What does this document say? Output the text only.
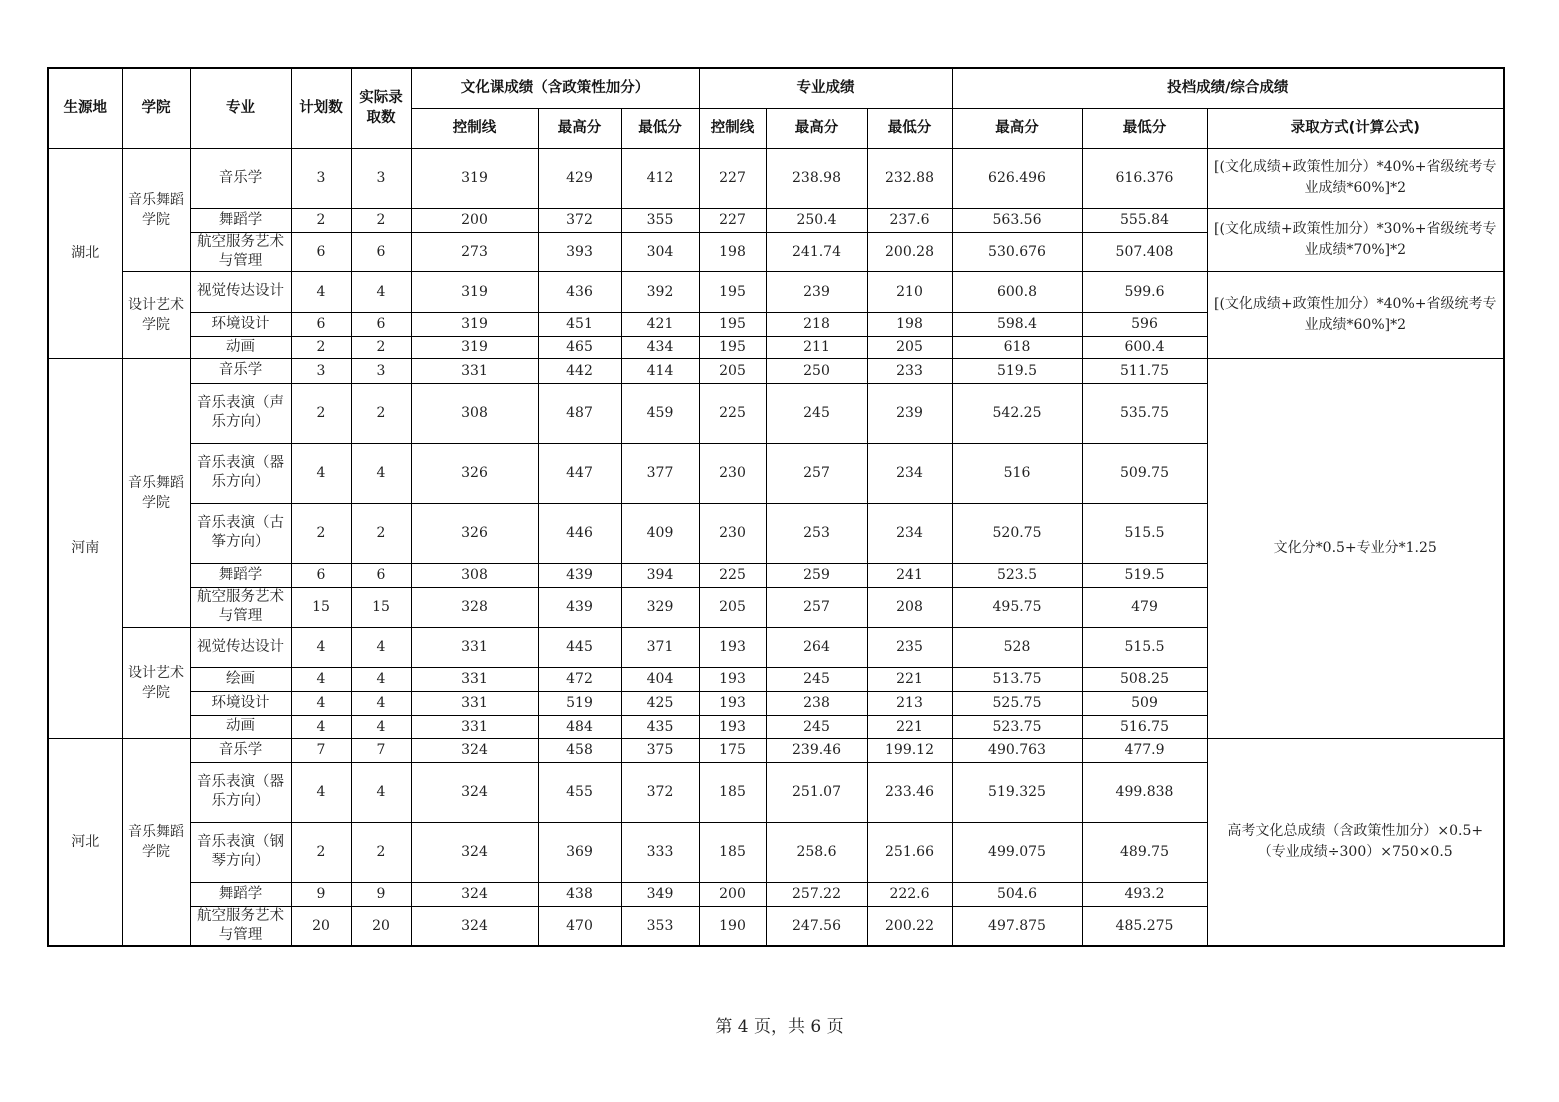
生源地	学院	专业	计划数	实际录取数	文化课成绩（含政策性加分）			专业成绩			投档成绩/综合成绩		
					控制线	最高分	最低分	控制线	最高分	最低分	最高分	最低分	录取方式(计算公式)
湖北	音乐舞蹈学院	音乐学	3	3	319	429	412	227	238.98	232.88	626.496	616.376	[(文化成绩+政策性加分）*40%+省级统考专业成绩*60%]*2
		舞蹈学	2	2	200	372	355	227	250.4	237.6	563.56	555.84	[(文化成绩+政策性加分）*30%+省级统考专业成绩*70%]*2
		航空服务艺术与管理	6	6	273	393	304	198	241.74	200.28	530.676	507.408	
	设计艺术学院	视觉传达设计	4	4	319	436	392	195	239	210	600.8	599.6	[(文化成绩+政策性加分）*40%+省级统考专业成绩*60%]*2
		环境设计	6	6	319	451	421	195	218	198	598.4	596	
		动画	2	2	319	465	434	195	211	205	618	600.4	
河南	音乐舞蹈学院	音乐学	3	3	331	442	414	205	250	233	519.5	511.75	文化分*0.5+专业分*1.25
		音乐表演（声乐方向）	2	2	308	487	459	225	245	239	542.25	535.75	
		音乐表演（器乐方向）	4	4	326	447	377	230	257	234	516	509.75	
		音乐表演（古筝方向）	2	2	326	446	409	230	253	234	520.75	515.5	
		舞蹈学	6	6	308	439	394	225	259	241	523.5	519.5	
		航空服务艺术与管理	15	15	328	439	329	205	257	208	495.75	479	
	设计艺术学院	视觉传达设计	4	4	331	445	371	193	264	235	528	515.5	
		绘画	4	4	331	472	404	193	245	221	513.75	508.25	
		环境设计	4	4	331	519	425	193	238	213	525.75	509	
		动画	4	4	331	484	435	193	245	221	523.75	516.75	
河北	音乐舞蹈学院	音乐学	7	7	324	458	375	175	239.46	199.12	490.763	477.9	高考文化总成绩（含政策性加分）×0.5+（专业成绩÷300）×750×0.5
		音乐表演（器乐方向）	4	4	324	455	372	185	251.07	233.46	519.325	499.838	
		音乐表演（钢琴方向）	2	2	324	369	333	185	258.6	251.66	499.075	489.75	
		舞蹈学	9	9	324	438	349	200	257.22	222.6	504.6	493.2	
		航空服务艺术与管理	20	20	324	470	353	190	247.56	200.22	497.875	485.275	
第 4 页，共 6 页
